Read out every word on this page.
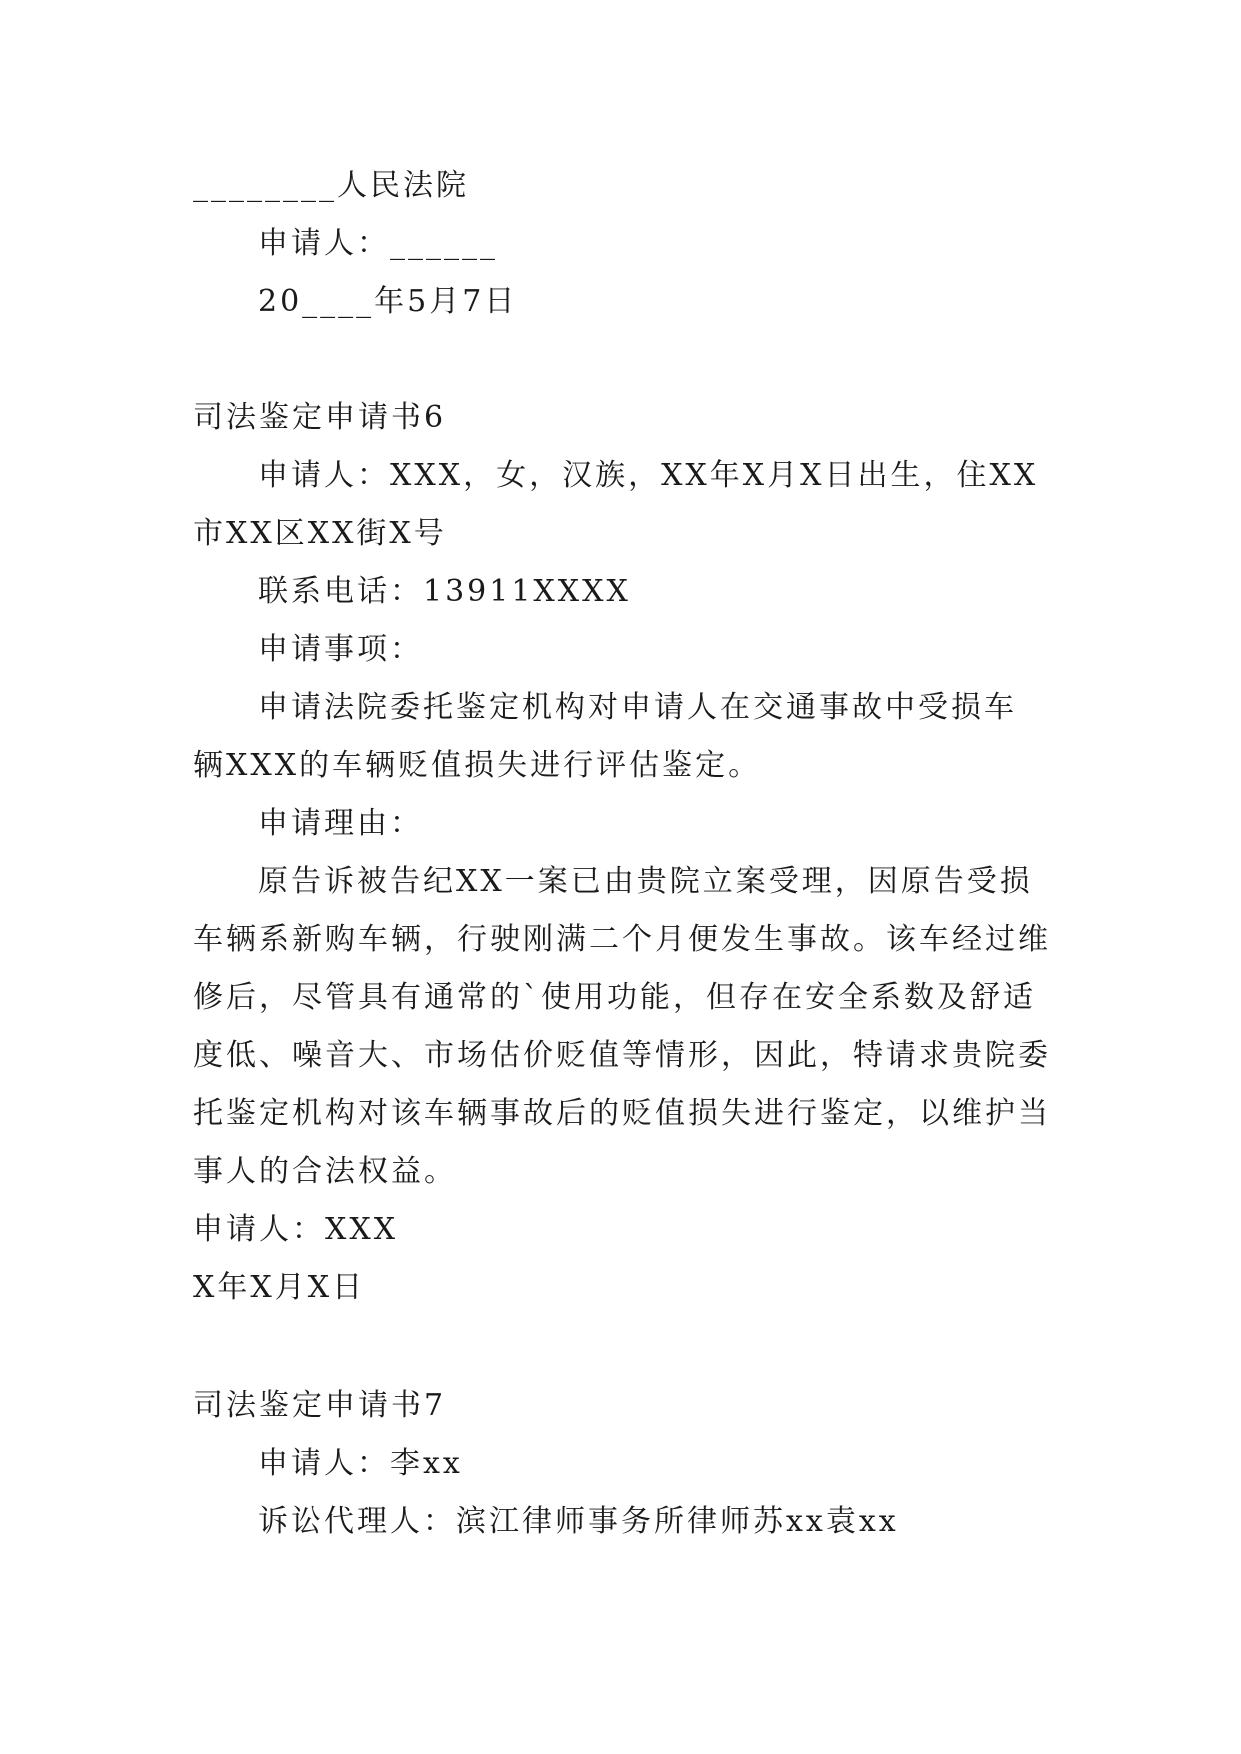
________人民法院
申请人：______
20____年5月7日
司法鉴定申请书6
申请人：XXX，女，汉族，XX年X月X日出生，住XX
市XX区XX街X号
联系电话：13911XXXX
申请事项：
申请法院委托鉴定机构对申请人在交通事故中受损车
辆XXX的车辆贬值损失进行评估鉴定。
申请理由：
原告诉被告纪XX一案已由贵院立案受理，因原告受损
车辆系新购车辆，行驶刚满二个月便发生事故。该车经过维
修后，尽管具有通常的`使用功能，但存在安全系数及舒适
度低、噪音大、市场估价贬值等情形，因此，特请求贵院委
托鉴定机构对该车辆事故后的贬值损失进行鉴定，以维护当
事人的合法权益。
申请人：XXX
X年X月X日
司法鉴定申请书7
申请人：李xx
诉讼代理人：滨江律师事务所律师苏xx袁xx
